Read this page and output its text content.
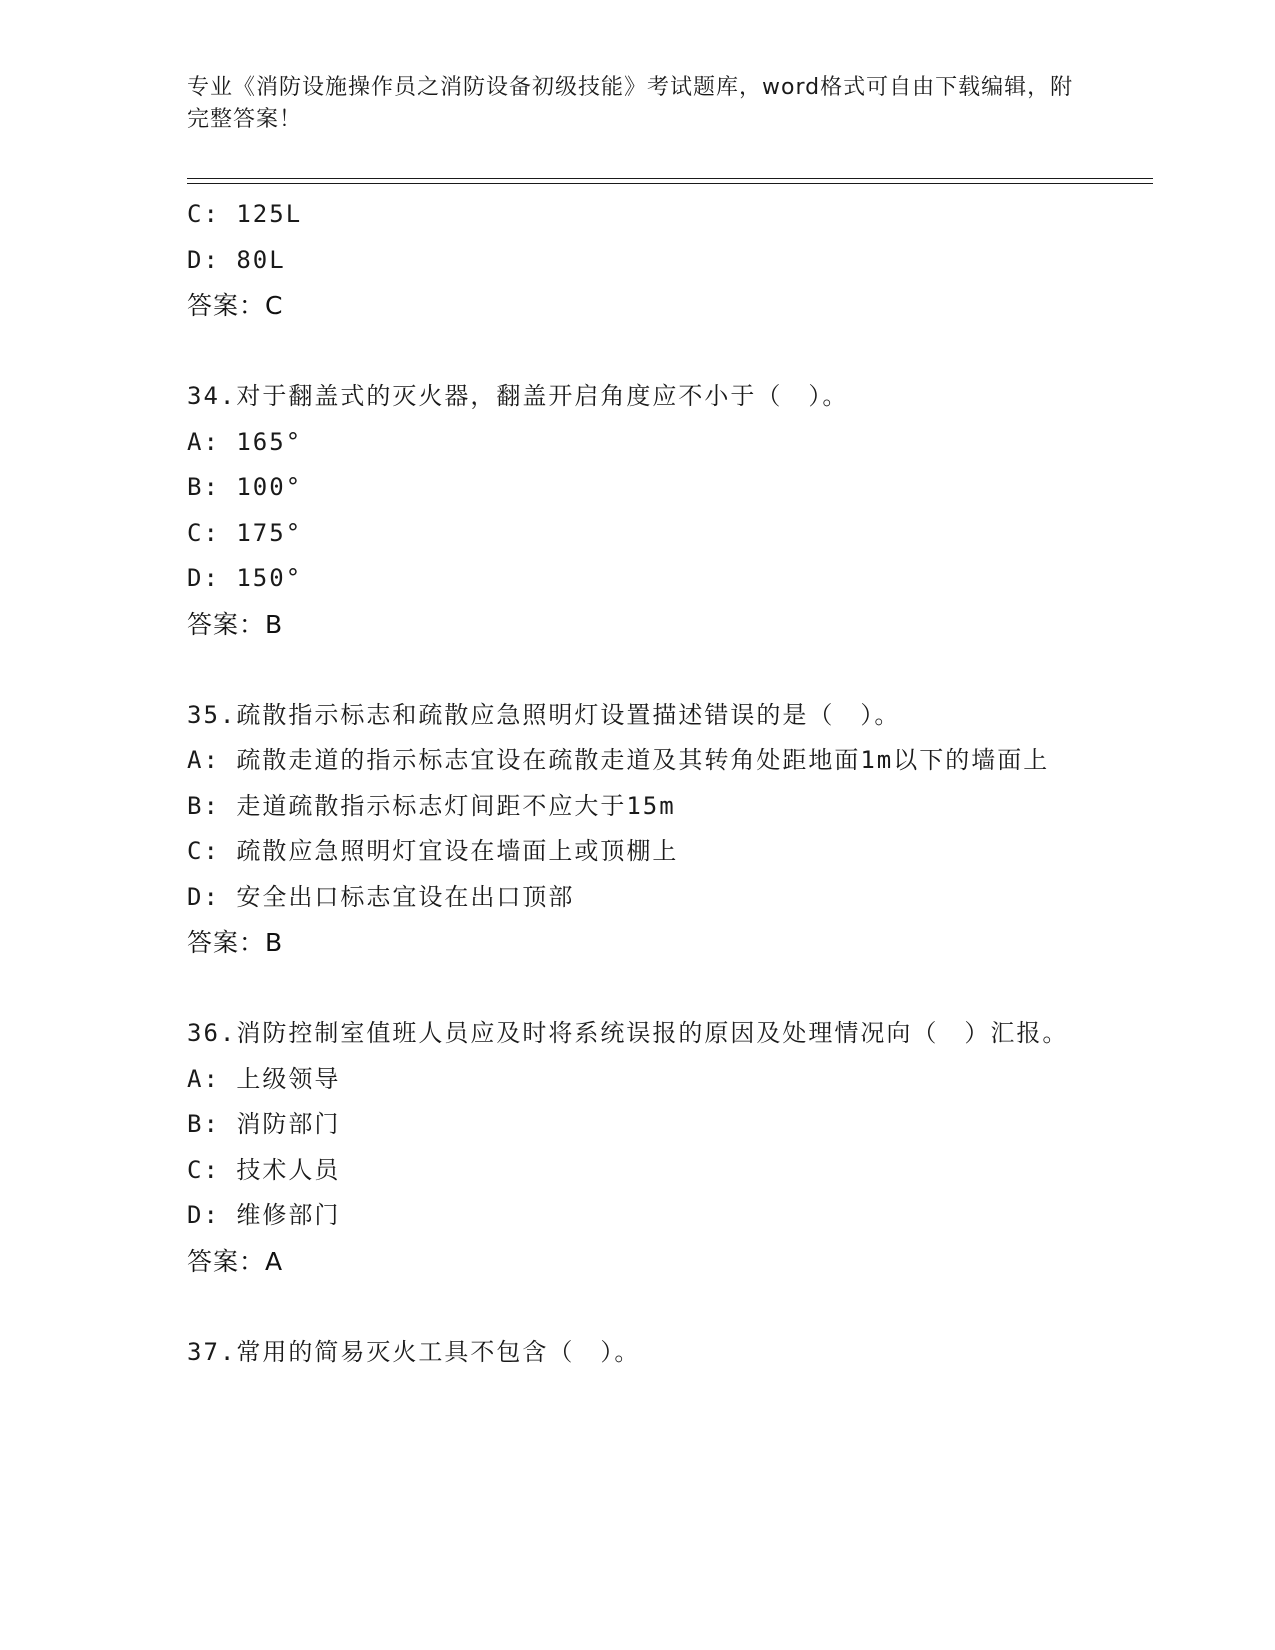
专业《消防设施操作员之消防设备初级技能》考试题库，word格式可自由下载编辑，附完整答案！
C: 125L
D: 80L
答案：C
34.对于翻盖式的灭火器，翻盖开启角度应不小于（　）。
A: 165°
B: 100°
C: 175°
D: 150°
答案：B
35.疏散指示标志和疏散应急照明灯设置描述错误的是（　）。
A: 疏散走道的指示标志宜设在疏散走道及其转角处距地面1m以下的墙面上
B: 走道疏散指示标志灯间距不应大于15m
C: 疏散应急照明灯宜设在墙面上或顶棚上
D: 安全出口标志宜设在出口顶部
答案：B
36.消防控制室值班人员应及时将系统误报的原因及处理情况向（　）汇报。
A: 上级领导
B: 消防部门
C: 技术人员
D: 维修部门
答案：A
37.常用的简易灭火工具不包含（　）。
